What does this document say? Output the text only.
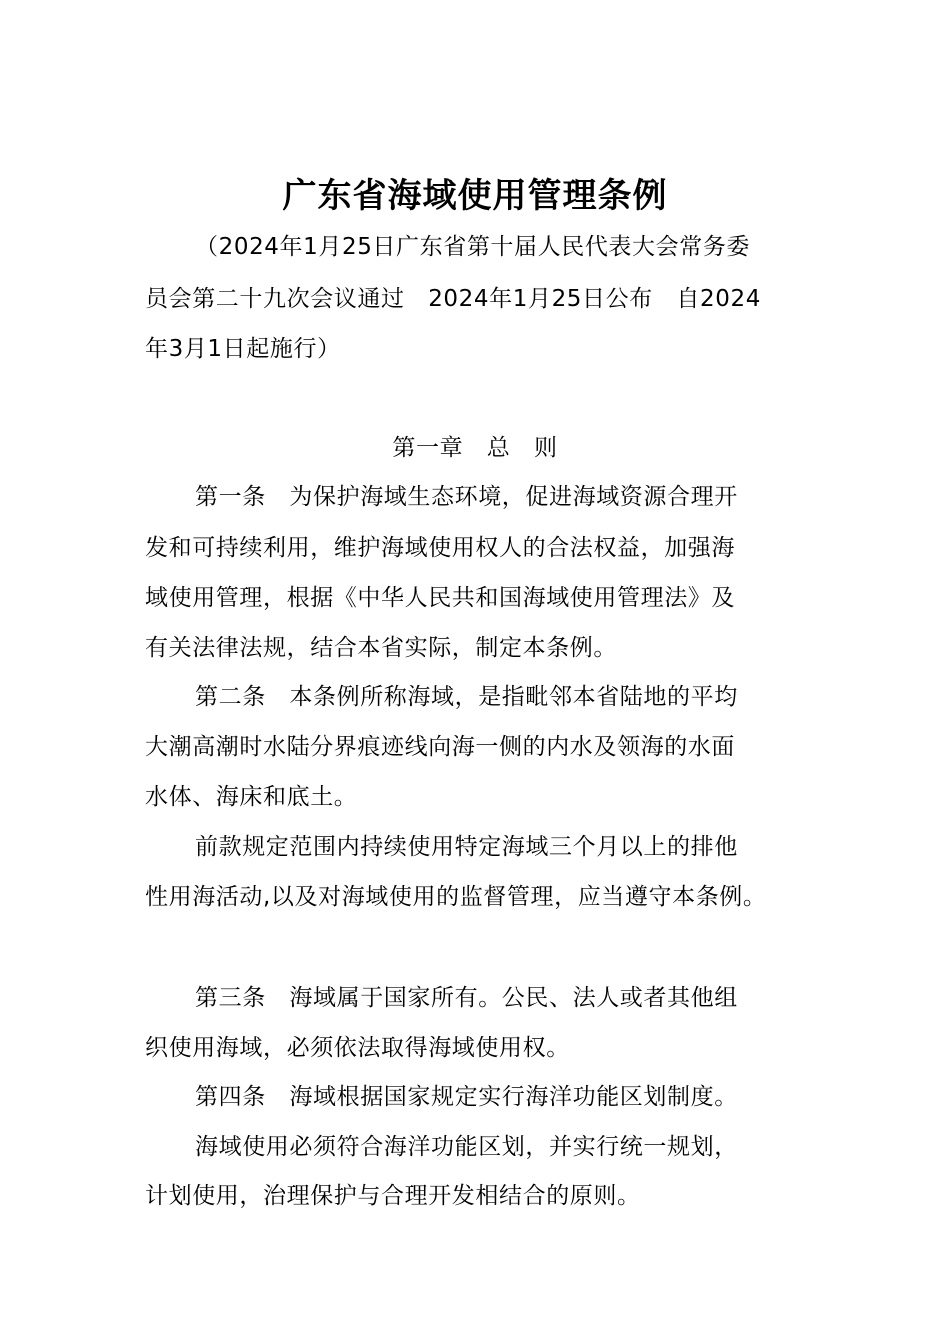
广东省海域使用管理条例
（2024年1月25日广东省第十届人民代表大会常务委
员会第二十九次会议通过　2024年1月25日公布　自2024
年3月1日起施行）
第一章　总　则
第一条　为保护海域生态环境，促进海域资源合理开
发和可持续利用，维护海域使用权人的合法权益，加强海
域使用管理，根据《中华人民共和国海域使用管理法》及
有关法律法规，结合本省实际，制定本条例。
第二条　本条例所称海域，是指毗邻本省陆地的平均
大潮高潮时水陆分界痕迹线向海一侧的内水及领海的水面
水体、海床和底土。
前款规定范围内持续使用特定海域三个月以上的排他
性用海活动,以及对海域使用的监督管理，应当遵守本条例。
第三条　海域属于国家所有。公民、法人或者其他组
织使用海域，必须依法取得海域使用权。
第四条　海域根据国家规定实行海洋功能区划制度。
海域使用必须符合海洋功能区划，并实行统一规划，
计划使用，治理保护与合理开发相结合的原则。
